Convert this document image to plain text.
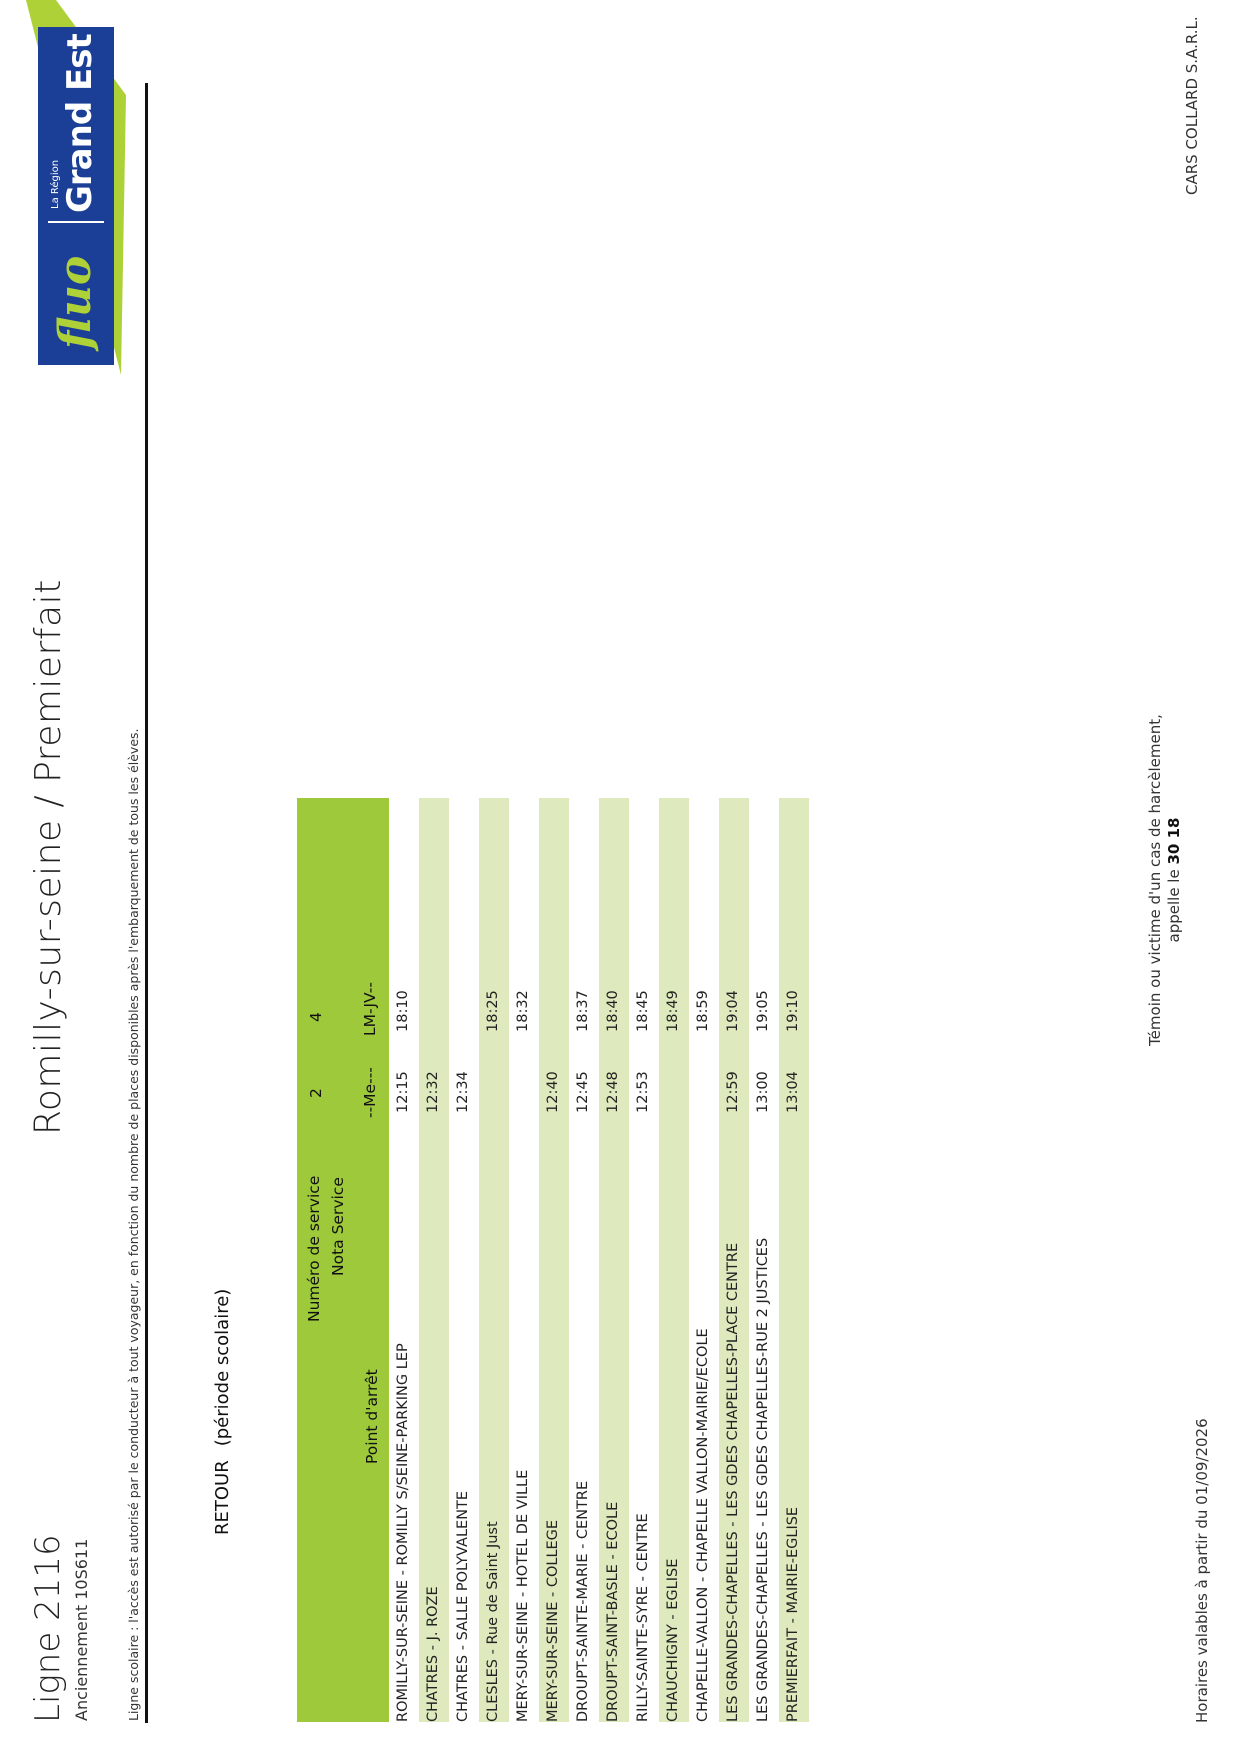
Ligne 2116 Anciennement 10S611
Romilly-sur-seine / Premierfait	Ligne scolaire : l'accès est autorisé par le conducteur à tout voyageur, en fonction du nombre de places disponibles après l'embarquement de tous les élèves.
fluo
La Région Grand Est
RETOUR(période scolaire)
Numéro de service Nota Service
Point d'arrêt
2
4
--Me---
LM-JV--
ROMILLY-SUR-SEINE - ROMILLY S/SEINE-PARKING LEP
12:15
18:10
CHATRES - J. ROZE
12:32
CHATRES - SALLE POLYVALENTE
12:34
CLESLES - Rue de Saint Just
18:25
MERY-SUR-SEINE - HOTEL DE VILLE
18:32
MERY-SUR-SEINE - COLLEGE
12:40
DROUPT-SAINTE-MARIE - CENTRE
12:45
18:37
DROUPT-SAINT-BASLE - ECOLE
12:48
18:40
RILLY-SAINTE-SYRE - CENTRE
12:53
18:45
CHAUCHIGNY - EGLISE
18:49
CHAPELLE-VALLON - CHAPELLE VALLON-MAIRIE/ECOLE
18:59
LES GRANDES-CHAPELLES - LES GDES CHAPELLES-PLACE CENTRE
12:59
19:04
LES GRANDES-CHAPELLES - LES GDES CHAPELLES-RUE 2 JUSTICES
13:00
19:05
PREMIERFAIT - MAIRIE-EGLISE
13:04
19:10
Horaires valables à partir du 01/09/2026
Témoin ou victime d'un cas de harcèlement, appelle le 30 18
CARS COLLARD S.A.R.L.
